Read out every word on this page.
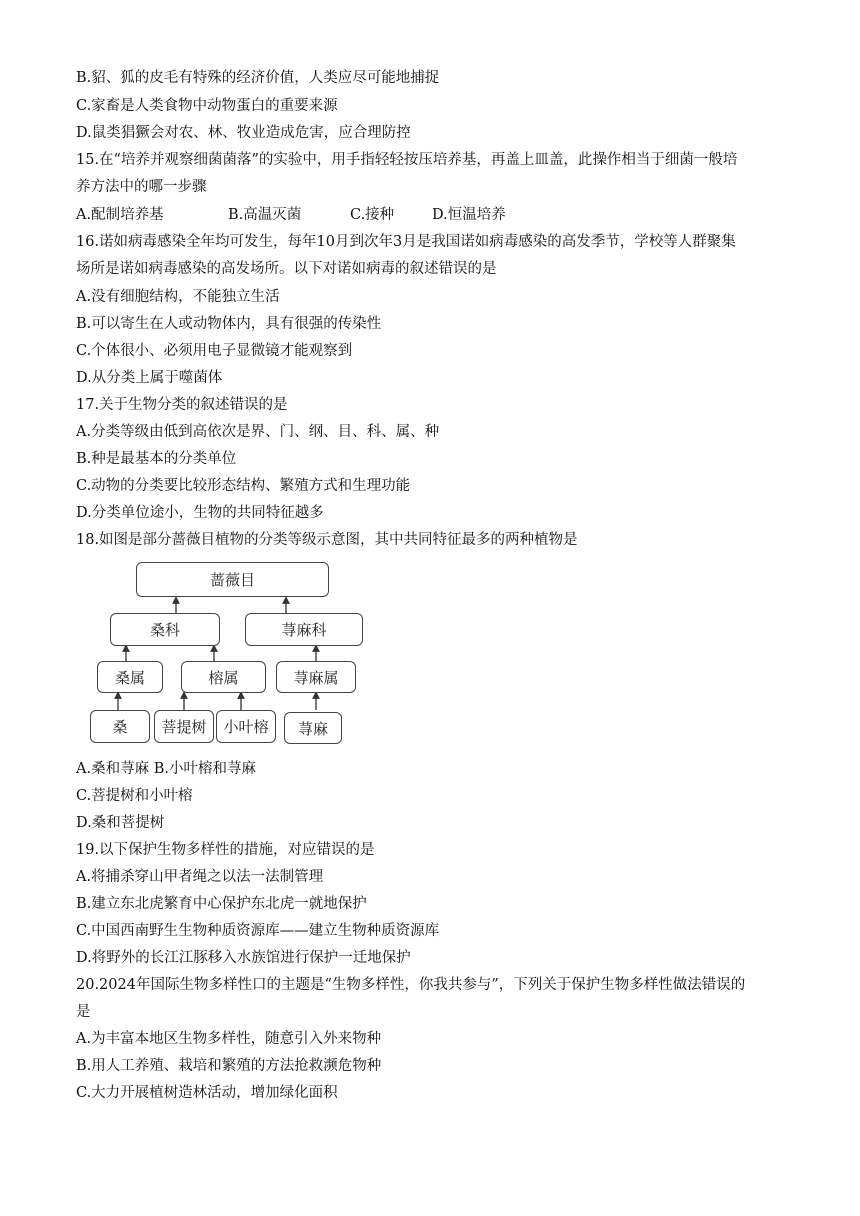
B.貂、狐的皮毛有特殊的经济价值，人类应尽可能地捕捉
C.家畜是人类食物中动物蛋白的重要来源
D.鼠类猖獗会对农、林、牧业造成危害，应合理防控
15.在“培养并观察细菌菌落”的实验中，用手指轻轻按压培养基，再盖上皿盖，此操作相当于细菌一般培
养方法中的哪一步骤
A.配制培养基	B.高温灭菌	C.接种	D.恒温培养
16.诺如病毒感染全年均可发生，每年10月到次年3月是我国诺如病毒感染的高发季节，学校等人群聚集
场所是诺如病毒感染的高发场所。以下对诺如病毒的叙述错误的是
A.没有细胞结构，不能独立生活
B.可以寄生在人或动物体内，具有很强的传染性
C.个体很小、必须用电子显微镜才能观察到
D.从分类上属于噬菌体
17.关于生物分类的叙述错误的是
A.分类等级由低到高依次是界、门、纲、目、科、属、种
B.种是最基本的分类单位
C.动物的分类要比较形态结构、繁殖方式和生理功能
D.分类单位途小，生物的共同特征越多
18.如图是部分蔷薇目植物的分类等级示意图，其中共同特征最多的两种植物是
蔷薇目
桑科	荨麻科
桑属	榕属	荨麻属
桑	菩提树	小叶榕	荨麻
A.桑和荨麻 B.小叶榕和荨麻
C.菩提树和小叶榕
D.桑和菩提树
19.以下保护生物多样性的措施，对应错误的是
A.将捕杀穿山甲者绳之以法一法制管理
B.建立东北虎繁育中心保护东北虎一就地保护
C.中国西南野生生物种质资源库——建立生物种质资源库
D.将野外的长江江豚移入水族馆进行保护一迁地保护
20.2024年国际生物多样性口的主题是“生物多样性，你我共参与”，下列关于保护生物多样性做法错误的
是
A.为丰富本地区生物多样性，随意引入外来物种
B.用人工养殖、栽培和繁殖的方法抢救濒危物种
C.大力开展植树造林活动，增加绿化面积
